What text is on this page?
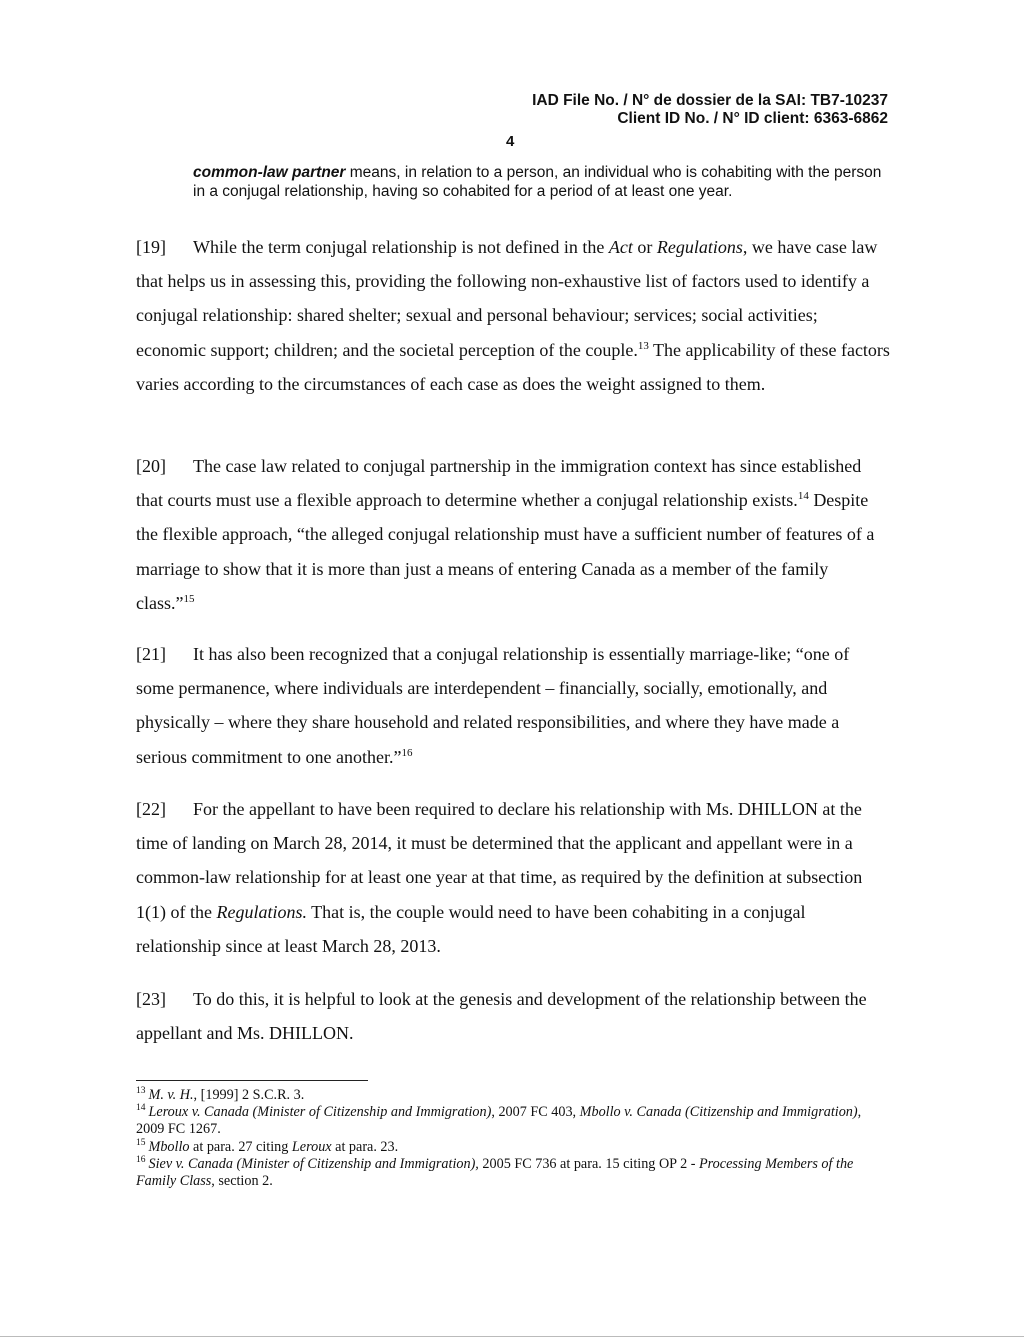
IAD File No. / N° de dossier de la SAI: TB7-10237
Client ID No. / N° ID client: 6363-6862
4
common-law partner means, in relation to a person, an individual who is cohabiting with the person in a conjugal relationship, having so cohabited for a period of at least one year.
[19] While the term conjugal relationship is not defined in the Act or Regulations, we have case law that helps us in assessing this, providing the following non-exhaustive list of factors used to identify a conjugal relationship: shared shelter; sexual and personal behaviour; services; social activities; economic support; children; and the societal perception of the couple.$^{13}$ The applicability of these factors varies according to the circumstances of each case as does the weight assigned to them.
[20] The case law related to conjugal partnership in the immigration context has since established that courts must use a flexible approach to determine whether a conjugal relationship exists.$^{14}$ Despite the flexible approach, “the alleged conjugal relationship must have a sufficient number of features of a marriage to show that it is more than just a means of entering Canada as a member of the family class.”$^{15}$
[21] It has also been recognized that a conjugal relationship is essentially marriage-like; “one of some permanence, where individuals are interdependent – financially, socially, emotionally, and physically – where they share household and related responsibilities, and where they have made a serious commitment to one another.”$^{16}$
[22] For the appellant to have been required to declare his relationship with Ms. DHILLON at the time of landing on March 28, 2014, it must be determined that the applicant and appellant were in a common-law relationship for at least one year at that time, as required by the definition at subsection 1(1) of the Regulations. That is, the couple would need to have been cohabiting in a conjugal relationship since at least March 28, 2013.
[23] To do this, it is helpful to look at the genesis and development of the relationship between the appellant and Ms. DHILLON.
$^{13}$ M. v. H., [1999] 2 S.C.R. 3.
$^{14}$ Leroux v. Canada (Minister of Citizenship and Immigration), 2007 FC 403, Mbollo v. Canada (Citizenship and Immigration), 2009 FC 1267.
$^{15}$ Mbollo at para. 27 citing Leroux at para. 23.
$^{16}$ Siev v. Canada (Minister of Citizenship and Immigration), 2005 FC 736 at para. 15 citing OP 2 - Processing Members of the Family Class, section 2.
